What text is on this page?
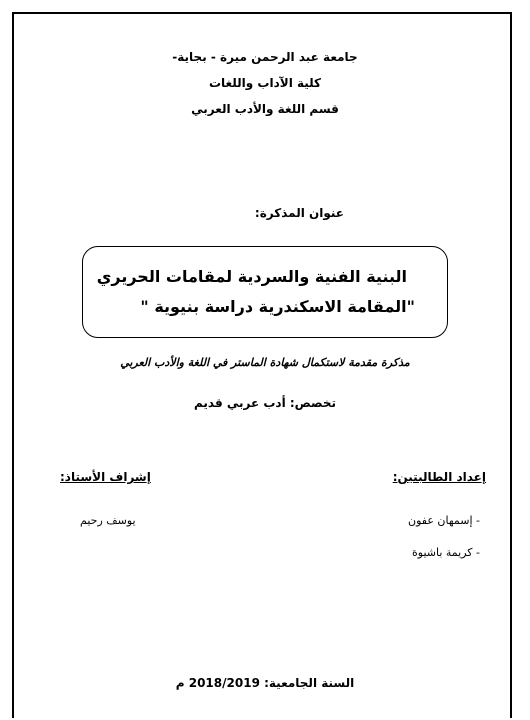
جامعة عبد الرحمن ميرة - بجاية-
كلية الآداب واللغات
قسم اللغة والأدب العربي
عنوان المذكرة:
البنية الفنية والسردية لمقامات الحريري
"المقامة الاسكندرية دراسة بنيوية "
مذكرة مقدمة لاستكمال شهادة الماستر في اللغة والأدب العربي
تخصص: أدب عربي قديم
إعداد الطالبتين:
إشراف الأستاذ:
- إسمهان عفون
- كريمة باشيوة
يوسف رحيم
السنة الجامعية: 2018/2019 م
